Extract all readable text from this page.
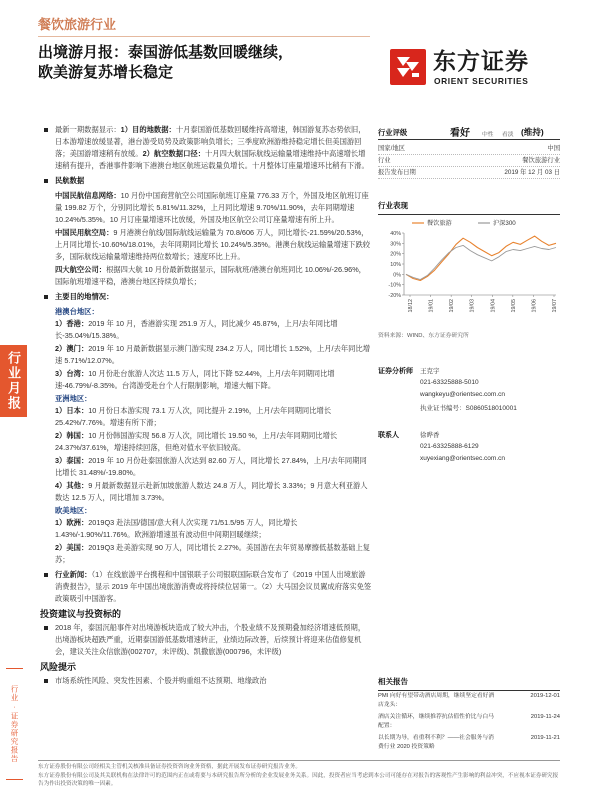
餐饮旅游行业
出境游月报：泰国游低基数回暖继续，
欧美游复苏增长稳定	东方证券
ORIENT SECURITIES
行业月报
行业·证券研究报告
最新一期数据显示：1）目的地数据：十月泰国游低基数回暖维持高增速，韩国游复苏态势依旧，日本游增速放缓显著，港台游受局势及政策影响负增长；三季度欧洲游维持稳定增长但美国游回落；美国游增速稍有放缓。2）航空数据口径：十月四大航国际航线运输量增速维持中高速增长增速稍有提升，香港事件影响下港澳台地区航班运载量负增长。十月整体订座量增速环比稍有下滑。
民航数据
中国民航信息网络：10 月份中国商营航空公司国际航班订座量 776.33 万个，外国及地区航班订座量 199.82 万个，分别同比增长 5.81%/11.32%，上月同比增速 9.70%/11.90%，去年同期增速 10.24%/5.35%。10 月订座量增速环比放缓，外国及地区航空公司订座量增速有所上升。
中国民用航空局：9 月港澳台航线/国际航线运输量为 70.8/606 万人，同比增长-21.59%/20.53%，上月同比增长-10.60%/18.01%，去年同期同比增长 10.24%/5.35%。港澳台航线运输量增速下跌较多，国际航线运输量增速维持两位数增长；速度环比上升。
四大航空公司：根据四大航 10 月份最新数据显示，国际航班/港澳台航班同比 10.06%/-26.96%，国际航班增速平稳，港澳台地区持续负增长；
主要目的地情况：
港澳台地区：
1）香港：2019 年 10 月，香港游实现 251.9 万人，同比减少 45.87%，上月/去年同比增长-35.04%/15.38%。
2）澳门：2019 年 10 月最新数据显示澳门游实现 234.2 万人，同比增长 1.52%，上月/去年同比增速 5.71%/12.07%。
3）台湾：10 月份赴台旅游人次达 11.5 万人，同比下降 52.44%，上月/去年同期同比增速-46.79%/-8.35%。台湾游受赴台个人行限制影响，增速大幅下降。
亚洲地区：
1）日本：10 月份日本游实现 73.1 万人次，同比提升 2.19%，上月/去年同期同比增长 25.42%/7.76%。增速有所下滑；
2）韩国：10 月份韩国游实现 56.8 万人次，同比增长 19.50 %，上月/去年同期同比增长 24.37%/37.61%，增速持续回落，但绝对值水平依旧较高。
3）泰国：2019 年 10 月份赴泰国旅游人次达到 82.60 万人，同比增长 27.84%，上月/去年同期同比增长 31.48%/-19.80%。
4）其他：9 月最新数据显示赴新加坡旅游人数达 24.8 万人，同比增长 3.33%；9 月意大利亚游人数达 12.5 万人，同比增加 3.73%。
欧美地区：
1）欧洲：2019Q3 赴法国/德国/意大利人次实现 71/51.5/95 万人，同比增长 1.43%/-1.90%/11.76%。欧洲游增速虽有波动但中间期回暖继续；
2）美国：2019Q3 赴美游实现 90 万人，同比增长 2.27%。美国游在去年贸易摩擦低基数基础上复苏；
行业新闻：（1）在线旅游平台携程和中国银联子公司银联国际联合发布了《2019 中国人出境旅游消费报告》，显示 2019 年中国出境旅游消费或将持续位居第一。（2）大马国会议员翼成府落实免签政策吸引中国游客。
投资建议与投资标的
2018 年，泰国沉船事件对出境游板块造成了较大冲击，个股业绩不及预期叠加经济增速低预期，出境游板块超跌严重，近期泰国游低基数增速转正，业绩边际改善，后续预计将迎来估值修复机会，建议关注众信旅游(002707，未评级)、凯撒旅游(000796，未评级)
风险提示
市场系统性风险、突发性因素、个股并购重组不达预期、地缘政治
行业评级	看好 中性 看淡 (维持)
国家/地区	中国
行业	餐饮旅游行业
报告发布日期	2019 年 12 月 03 日
行业表现
40%
30%
20%
10%
0%
-10%
-20%
18/12	19/01	19/02	19/03	19/04	19/05	19/06	19/07
餐饮旅游	沪深300
资料来源：WIND、东方证券研究所
证券分析师 王克宇
021-63325888-5010
wangkeyu@orientsec.com.cn
执业证书编号：S0860518010001
联系人	徐晔香
021-63325888-6129
xuyexiang@orientsec.com.cn
相关报告
PMI 向好有望带动酒店周期，继续坚定看好酒店龙头：
2019-12-01
酒店关注循环，继续推荐抗估值性价比与白马配置：
2019-11-24
以长期为导，看重利不利？——社会服务与消费行业 2020 投资策略
2019-11-21
东方证券股份有限公司经相关主管机关核准具备证券投资咨询业务资格，据此开展发布证券研究报告业务。
东方证券股份有限公司及其关联机构在法律许可的范围内正在或将要与本研究报告所分析的企业发展业务关系。因此，投资者应当考虑到本公司可能存在对报告的客观性产生影响的利益冲突，不应视本证券研究报告为作出投资决策的唯一因素。
